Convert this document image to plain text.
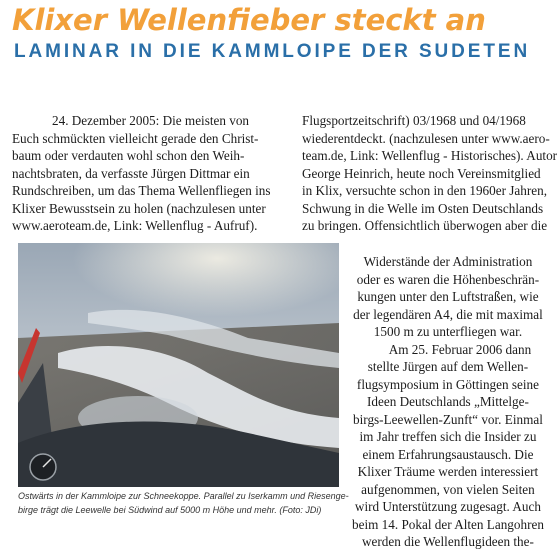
Klixer Wellenfieber steckt an
LAMINAR IN DIE KAMMLOIPE DER SUDETEN
24. Dezember 2005: Die meisten von
Euch schmückten vielleicht gerade den Christ-
baum oder verdauten wohl schon den Weih-
nachtsbraten, da verfasste Jürgen Dittmar ein
Rundschreiben, um das Thema Wellenfliegen ins
Klixer Bewusstsein zu holen (nachzulesen unter
www.aeroteam.de, Link: Wellenflug - Aufruf).
Flugsportzeitschrift) 03/1968 und 04/1968
wiederentdeckt. (nachzulesen unter www.aero-
team.de, Link: Wellenflug - Historisches). Autor
George Heinrich, heute noch Vereinsmitglied
in Klix, versuchte schon in den 1960er Jahren,
Schwung in die Welle im Osten Deutschlands
zu bringen. Offensichtlich überwogen aber die
Widerstände der Administration
oder es waren die Höhenbeschrän-
kungen unter den Luftstraßen, wie
der legendären A4, die mit maximal
1500 m zu unterfliegen war.
Am 25. Februar 2006 dann
stellte Jürgen auf dem Wellen-
flugsymposium in Göttingen seine
Ideen Deutschlands „Mittelge-
birgs-Leewellen-Zunft“ vor. Einmal
im Jahr treffen sich die Insider zu
einem Erfahrungsaustausch. Die
Klixer Träume werden interessiert
aufgenommen, von vielen Seiten
wird Unterstützung zugesagt. Auch
beim 14. Pokal der Alten Langohren
werden die Wellenflugideen the-
Ostwärts in der Kammloipe zur Schneekoppe. Parallel zu Iserkamm und Riesenge-
birge trägt die Leewelle bei Südwind auf 5000 m Höhe und mehr. (Foto: JDi)
